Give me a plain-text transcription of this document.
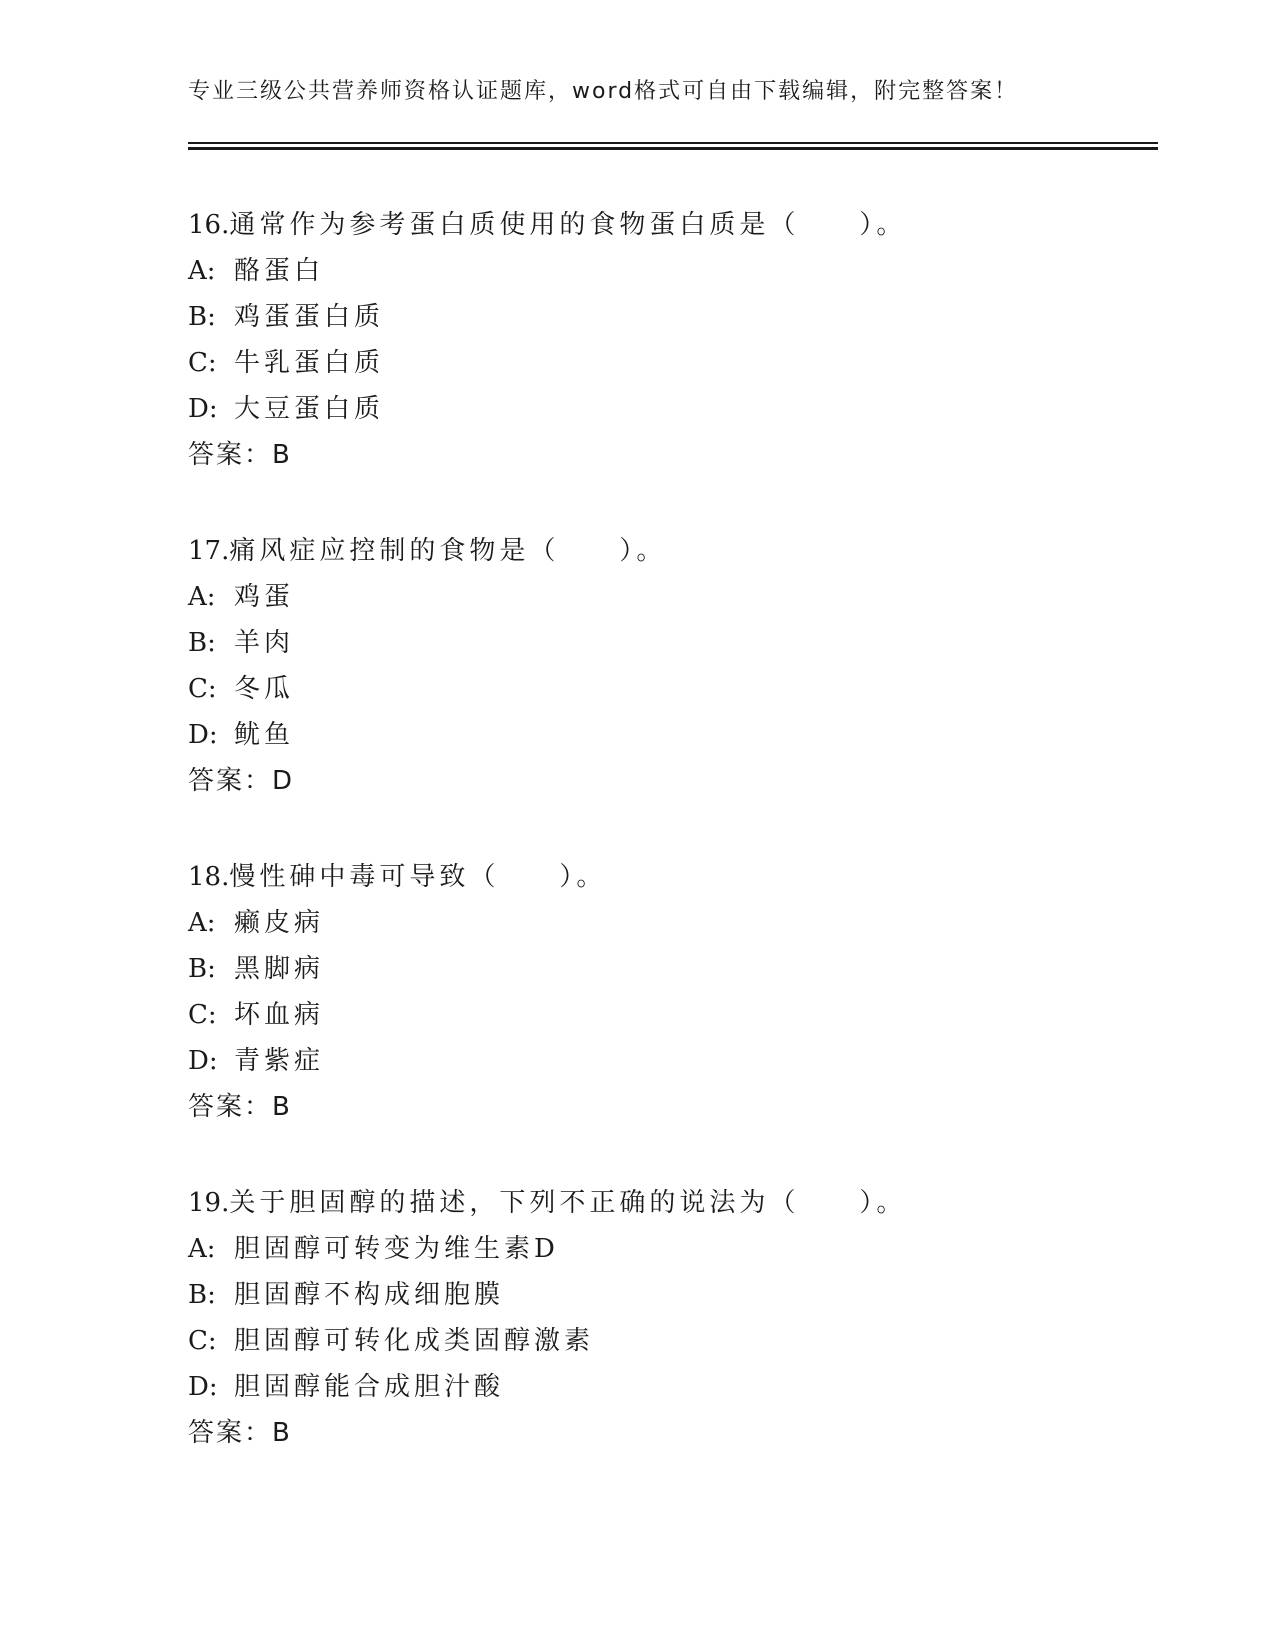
专业三级公共营养师资格认证题库，word格式可自由下载编辑，附完整答案！
16.通常作为参考蛋白质使用的食物蛋白质是（　　）。
A: 酪蛋白
B: 鸡蛋蛋白质
C: 牛乳蛋白质
D: 大豆蛋白质
答案：B
17.痛风症应控制的食物是（　　）。
A: 鸡蛋
B: 羊肉
C: 冬瓜
D: 鱿鱼
答案：D
18.慢性砷中毒可导致（　　）。
A: 癞皮病
B: 黑脚病
C: 坏血病
D: 青紫症
答案：B
19.关于胆固醇的描述，下列不正确的说法为（　　）。
A: 胆固醇可转变为维生素D
B: 胆固醇不构成细胞膜
C: 胆固醇可转化成类固醇激素
D: 胆固醇能合成胆汁酸
答案：B
